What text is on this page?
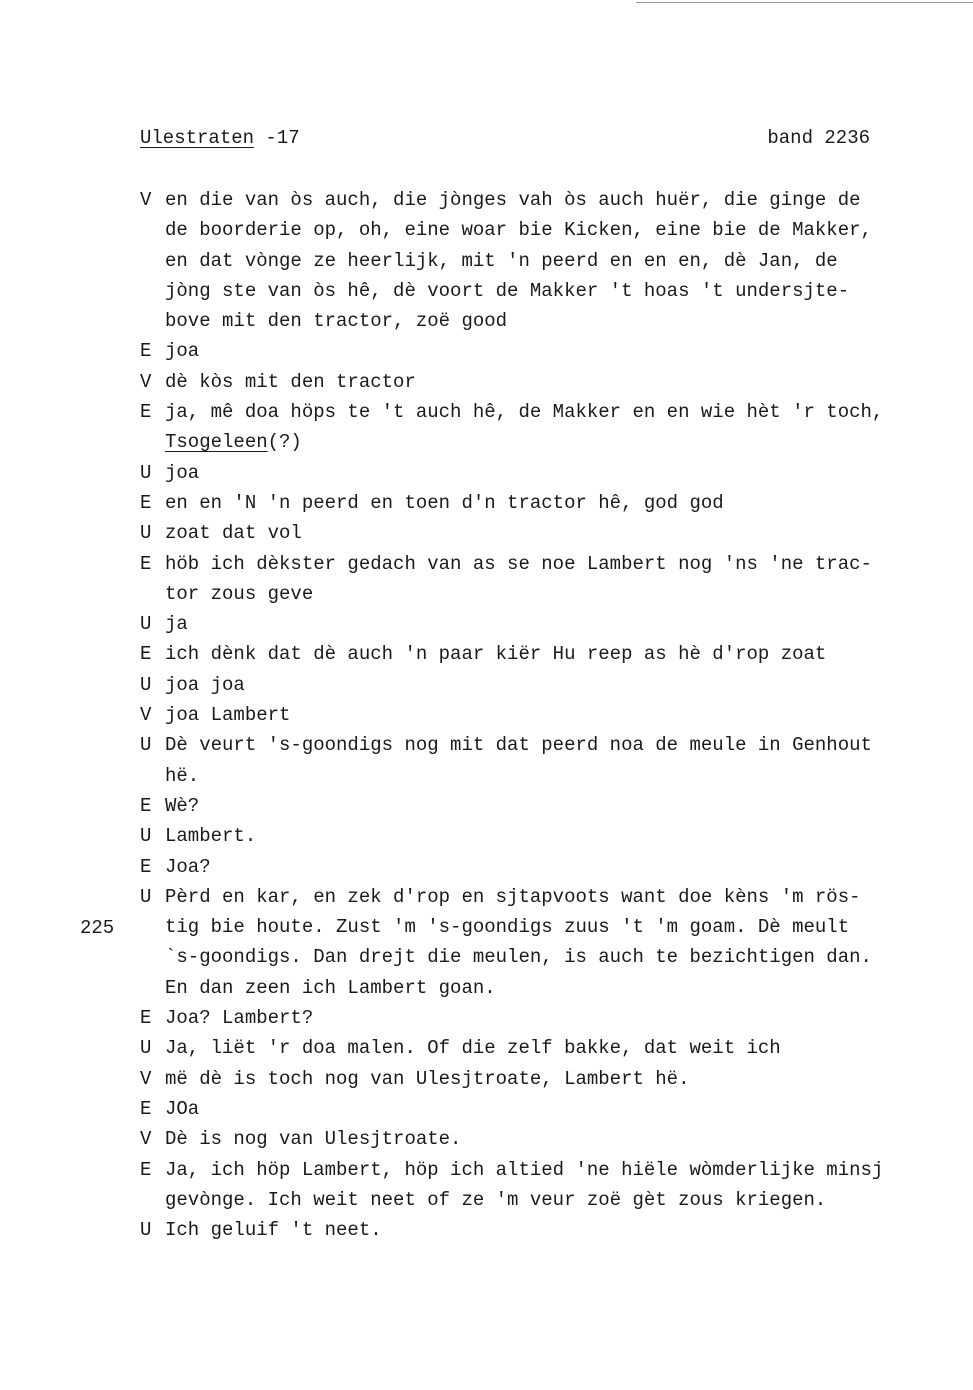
Ulestraten -17	band 2236
225
V en die van òs auch, die jònges vah òs auch huër, die ginge de
de boorderie op, oh, eine woar bie Kicken, eine bie de Makker,
en dat vònge ze heerlijk, mit 'n peerd en en en, dè Jan, de
jòng ste van òs hê, dè voort de Makker 't hoas 't undersjte-
bove mit den tractor, zoë good
E joa
V dè kòs mit den tractor
E ja, mê doa höps te 't auch hê, de Makker en en wie hèt 'r toch,
Tsogeleen(?)
U joa
E en en 'N 'n peerd en toen d'n tractor hê, god god
U zoat dat vol
E höb ich dèkster gedach van as se noe Lambert nog 'ns 'ne trac-
tor zous geve
U ja
E ich dènk dat dè auch 'n paar kiër Hu reep as hè d'rop zoat
U joa joa
V joa Lambert
U Dè veurt 's-goondigs nog mit dat peerd noa de meule in Genhout
hë.
E Wè?
U Lambert.
E Joa?
U Pèrd en kar, en zek d'rop en sjtapvoots want doe kèns 'm rös-
tig bie houte. Zust 'm 's-goondigs zuus 't 'm goam. Dè meult
`s-goondigs. Dan drejt die meulen, is auch te bezichtigen dan.
En dan zeen ich Lambert goan.
E Joa? Lambert?
U Ja, liët 'r doa malen. Of die zelf bakke, dat weit ich
V më dè is toch nog van Ulesjtroate, Lambert hë.
E JOa
V Dè is nog van Ulesjtroate.
E Ja, ich höp Lambert, höp ich altied 'ne hiële wòmderlijke minsj
gevònge. Ich weit neet of ze 'm veur zoë gèt zous kriegen.
U Ich geluif 't neet.
